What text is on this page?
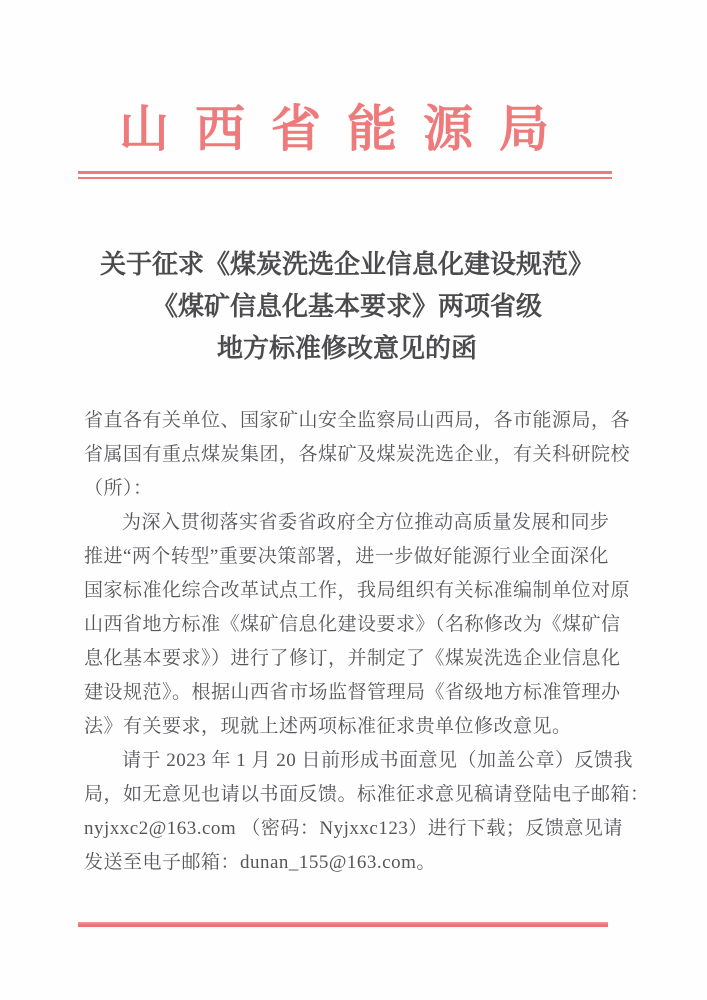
山西省能源局
关于征求《煤炭洗选企业信息化建设规范》
《煤矿信息化基本要求》两项省级
地方标准修改意见的函
省直各有关单位、国家矿山安全监察局山西局，各市能源局，各
省属国有重点煤炭集团，各煤矿及煤炭洗选企业，有关科研院校
（所）：
为深入贯彻落实省委省政府全方位推动高质量发展和同步
推进“两个转型”重要决策部署，进一步做好能源行业全面深化
国家标准化综合改革试点工作，我局组织有关标准编制单位对原
山西省地方标准《煤矿信息化建设要求》（名称修改为《煤矿信
息化基本要求》）进行了修订，并制定了《煤炭洗选企业信息化
建设规范》。根据山西省市场监督管理局《省级地方标准管理办
法》有关要求，现就上述两项标准征求贵单位修改意见。
请于 2023 年 1 月 20 日前形成书面意见（加盖公章）反馈我
局，如无意见也请以书面反馈。标准征求意见稿请登陆电子邮箱：
nyjxxc2@163.com （密码：Nyjxxc123）进行下载；反馈意见请
发送至电子邮箱：dunan_155@163.com。
